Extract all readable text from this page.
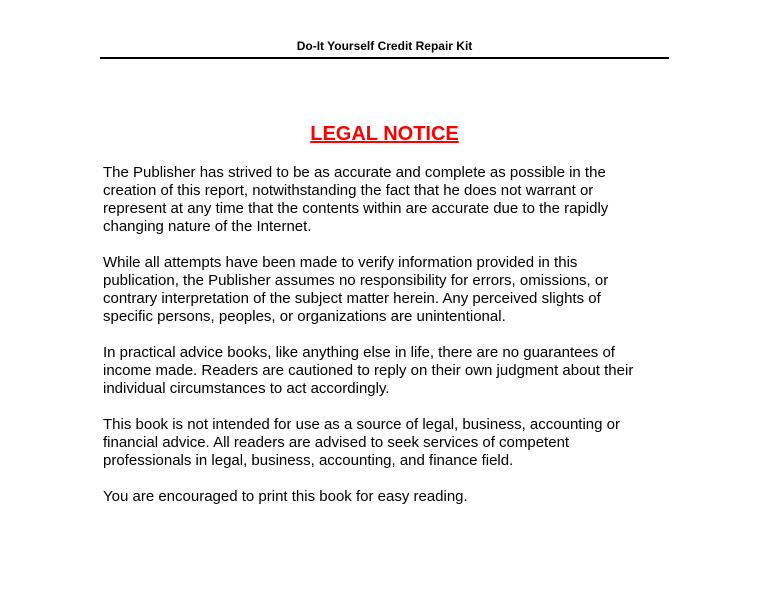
Do-It Yourself Credit Repair Kit
LEGAL NOTICE

The Publisher has strived to be as accurate and complete as possible in the
creation of this report, notwithstanding the fact that he does not warrant or
represent at any time that the contents within are accurate due to the rapidly
changing nature of the Internet.

While all attempts have been made to verify information provided in this
publication, the Publisher assumes no responsibility for errors, omissions, or
contrary interpretation of the subject matter herein. Any perceived slights of
specific persons, peoples, or organizations are unintentional.

In practical advice books, like anything else in life, there are no guarantees of
income made. Readers are cautioned to reply on their own judgment about their
individual circumstances to act accordingly.

This book is not intended for use as a source of legal, business, accounting or
financial advice. All readers are advised to seek services of competent
professionals in legal, business, accounting, and finance field.

You are encouraged to print this book for easy reading.
